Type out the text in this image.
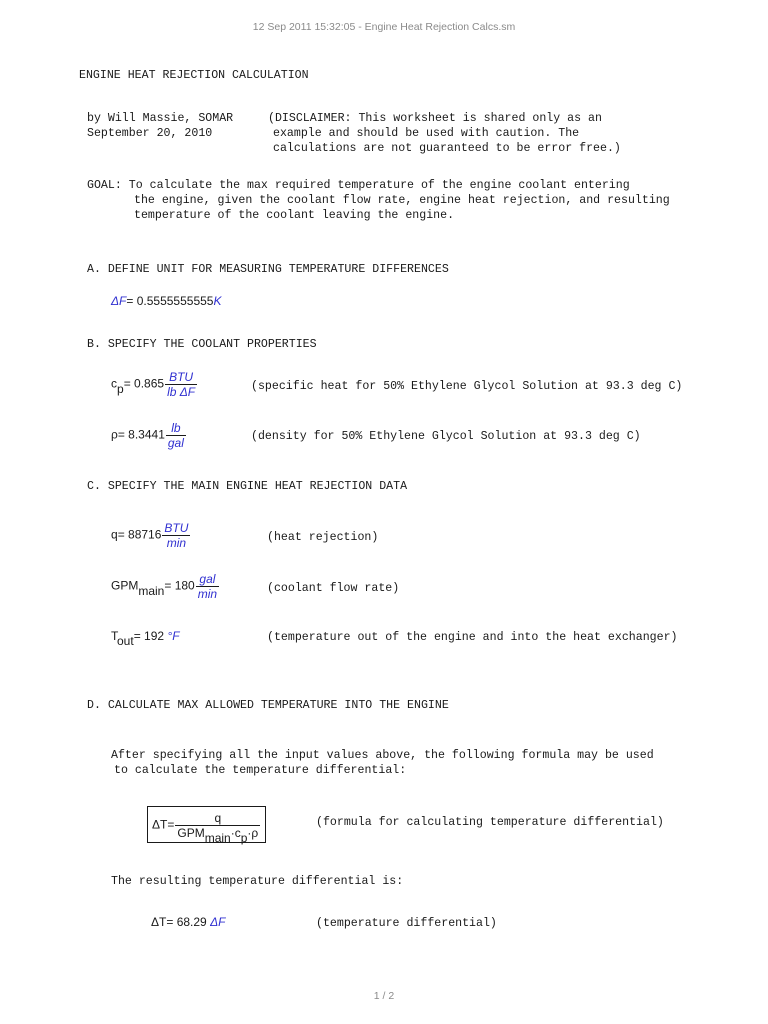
12 Sep 2011 15:32:05 - Engine Heat Rejection Calcs.sm
ENGINE HEAT REJECTION CALCULATION
by Will Massie, SOMAR
September 20, 2010
(DISCLAIMER: This worksheet is shared only as an
example and should be used with caution. The
calculations are not guaranteed to be error free.)
GOAL: To calculate the max required temperature of the engine coolant entering
the engine, given the coolant flow rate, engine heat rejection, and resulting
temperature of the coolant leaving the engine.
A. DEFINE UNIT FOR MEASURING TEMPERATURE DIFFERENCES
ΔF= 0.5555555555K
B. SPECIFY THE COOLANT PROPERTIES
$cp= 0.865 \frac{\text{BTU}}{\text{lb ΔF}}$	(specific heat for 50% Ethylene Glycol Solution at 93.3 deg C)
$\rho= 8.3441 \frac{lb}{\text{gal}}$	(density for 50% Ethylene Glycol Solution at 93.3 deg C)
C. SPECIFY THE MAIN ENGINE HEAT REJECTION DATA
$q= 88716 \frac{\text{BTU}}{\min}$	(heat rejection)
GPMmain= $180 \frac{\text{gal}}{\min}$	(coolant flow rate)
Tout= 192 °F	(temperature out of the engine and into the heat exchanger)
D. CALCULATE MAX ALLOWED TEMPERATURE INTO THE ENGINE
After specifying all the input values above, the following formula may be used
to calculate the temperature differential:
$\Delta T= \frac{q}{\text{GPMmain·cp·ρ}}$	(formula for calculating temperature differential)
The resulting temperature differential is:
ΔT= 68.29 ΔF	(temperature differential)
1 / 2
